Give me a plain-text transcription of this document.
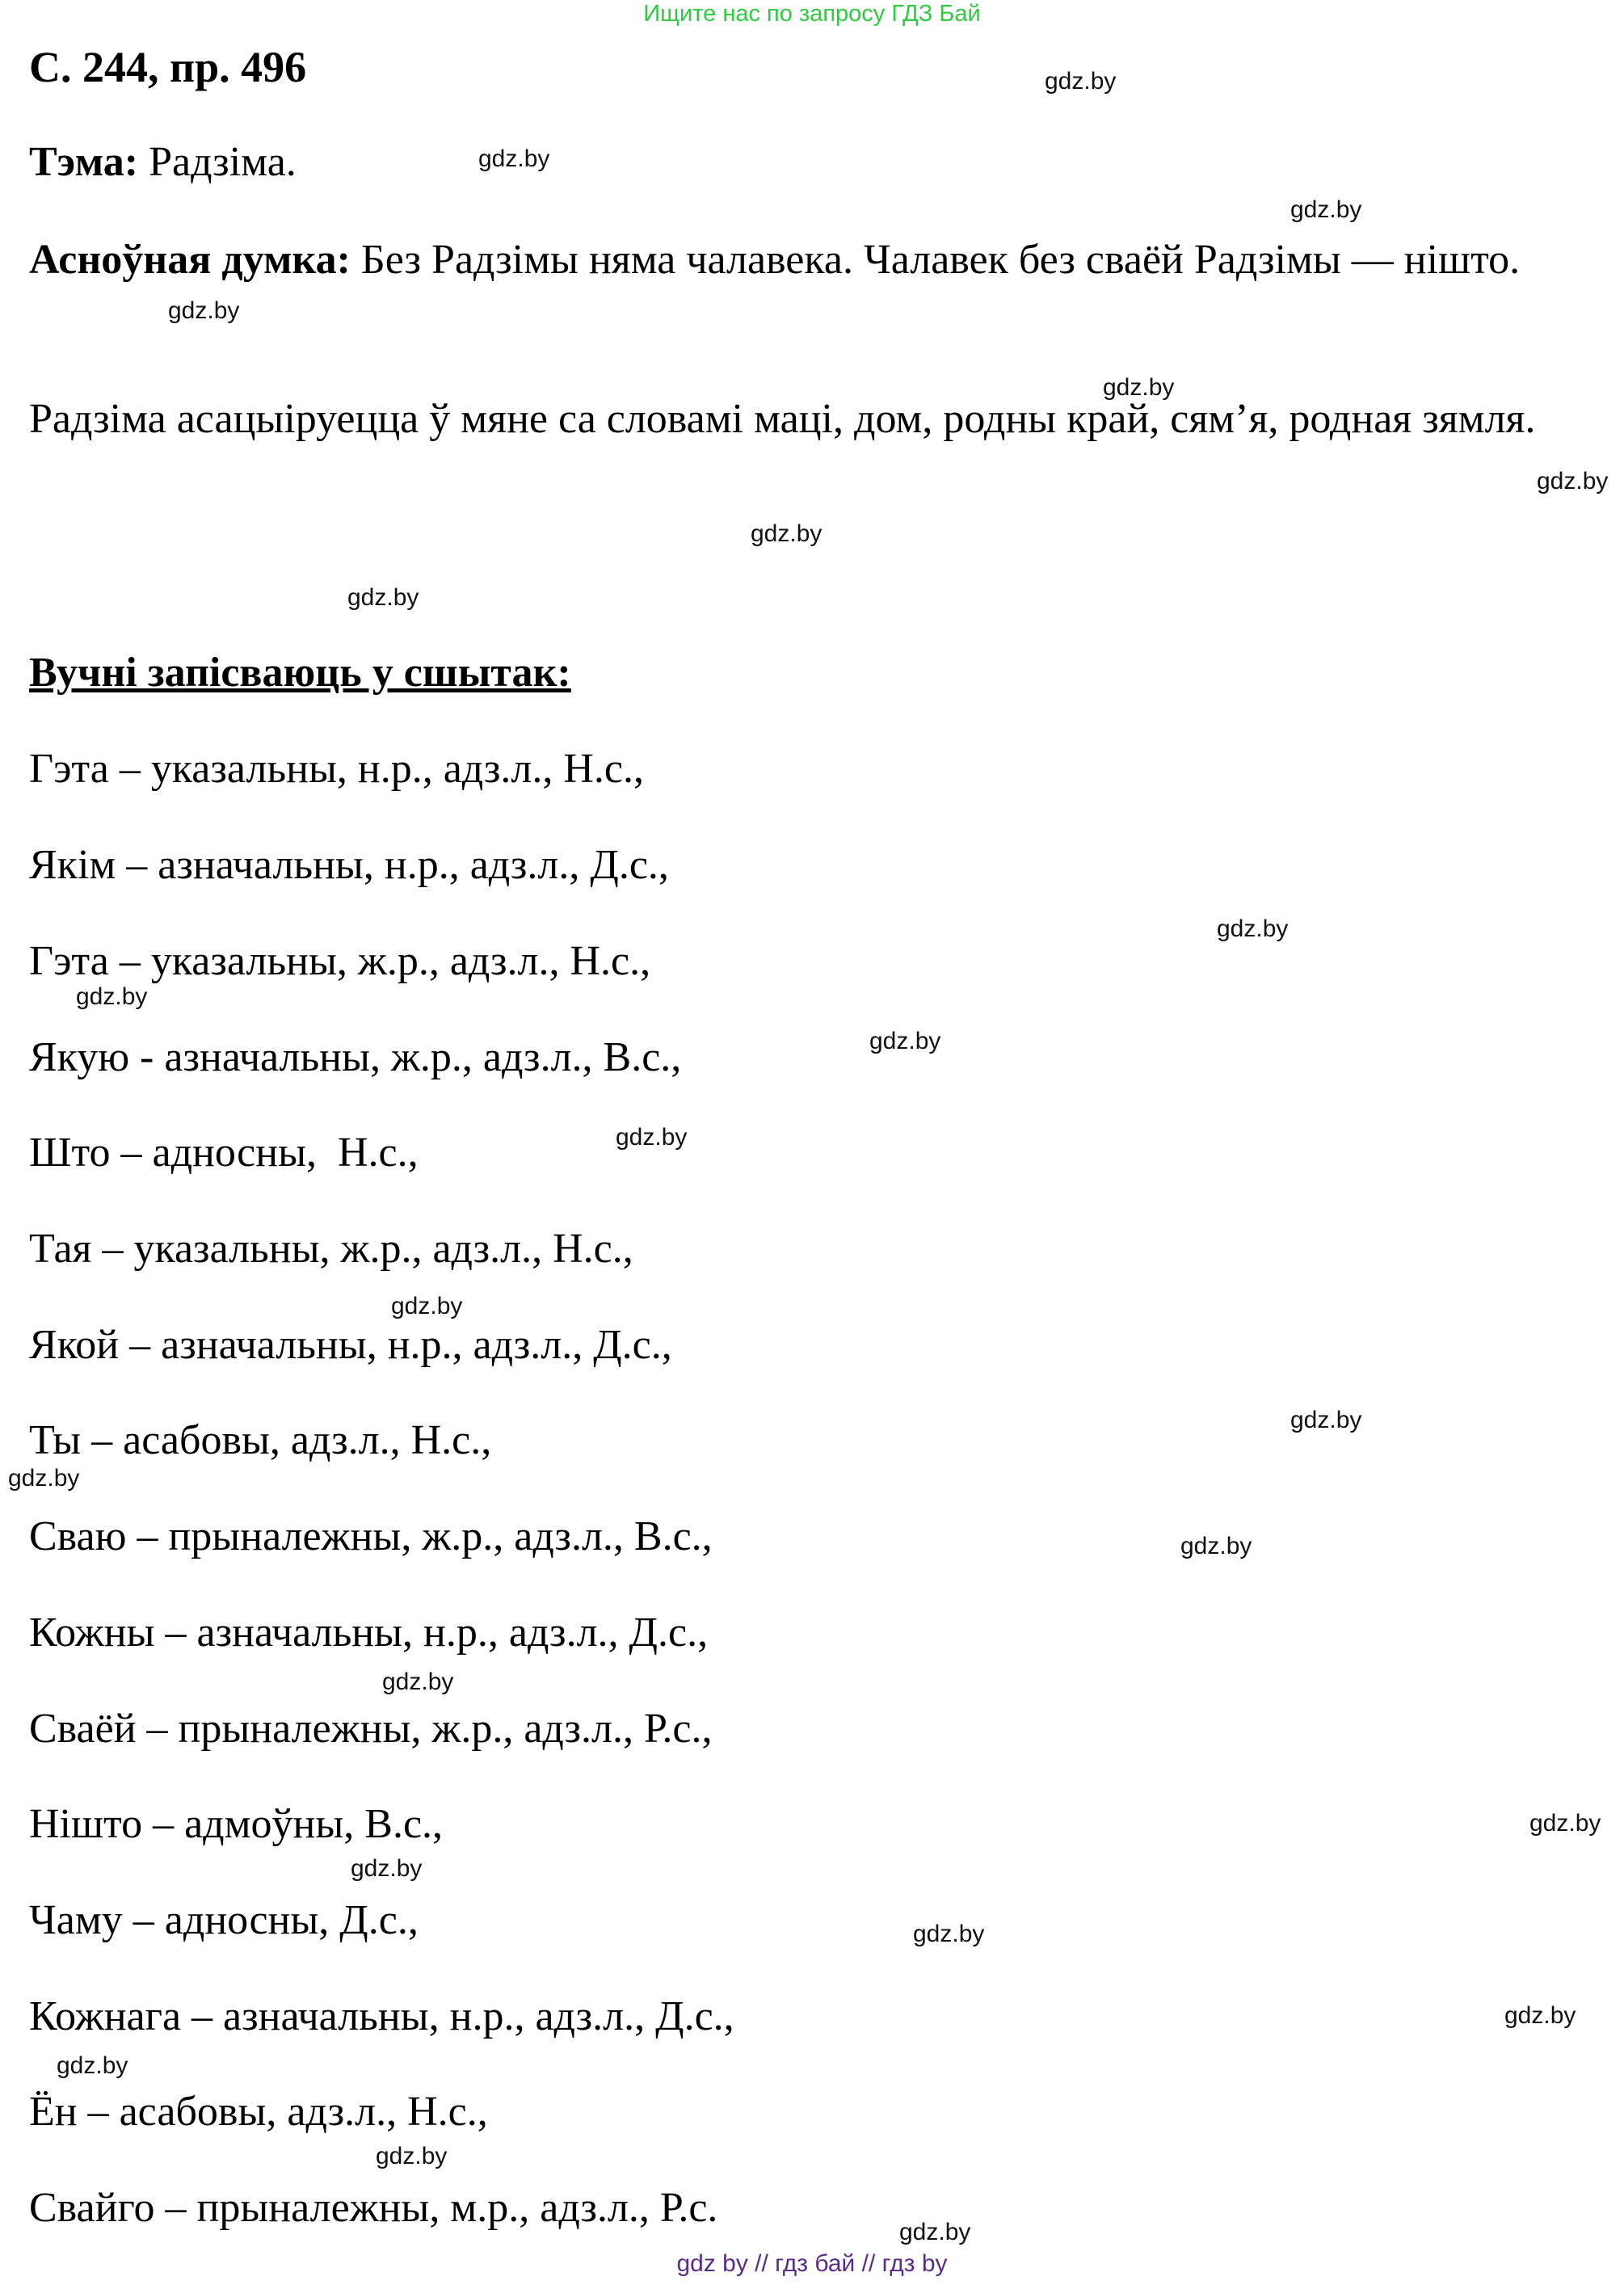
Ищите нас по запросу ГДЗ Бай
С. 244, пр. 496
Тэма: Радзіма.
Асноўная думка: Без Радзімы няма чалавека. Чалавек без сваёй Радзімы — нішто.
Радзіма асацыіруецца ў мяне са словамі маці, дом, родны край, сям’я, родная зямля.
Вучні запісваюць у сшытак:
Гэта – указальны, н.р., адз.л., Н.с.,
Якім – азначальны, н.р., адз.л., Д.с.,
Гэта – указальны, ж.р., адз.л., Н.с.,
Якую - азначальны, ж.р., адз.л., В.с.,
Што – адносны,  Н.с.,
Тая – указальны, ж.р., адз.л., Н.с.,
Якой – азначальны, н.р., адз.л., Д.с.,
Ты – асабовы, адз.л., Н.с.,
Сваю – прыналежны, ж.р., адз.л., В.с.,
Кожны – азначальны, н.р., адз.л., Д.с.,
Сваёй – прыналежны, ж.р., адз.л., Р.с.,
Нішто – адмоўны, В.с.,
Чаму – адносны, Д.с.,
Кожнага – азначальны, н.р., адз.л., Д.с.,
Ён – асабовы, адз.л., Н.с.,
Свайго – прыналежны, м.р., адз.л., Р.с.
gdz.by
gdz.by
gdz.by
gdz.by
gdz.by
gdz.by
gdz.by
gdz.by
gdz.by
gdz.by
gdz.by
gdz.by
gdz.by
gdz.by
gdz.by
gdz.by
gdz.by
gdz.by
gdz.by
gdz.by
gdz.by
gdz.by
gdz.by
gdz.by
gdz by // гдз бай // гдз by
